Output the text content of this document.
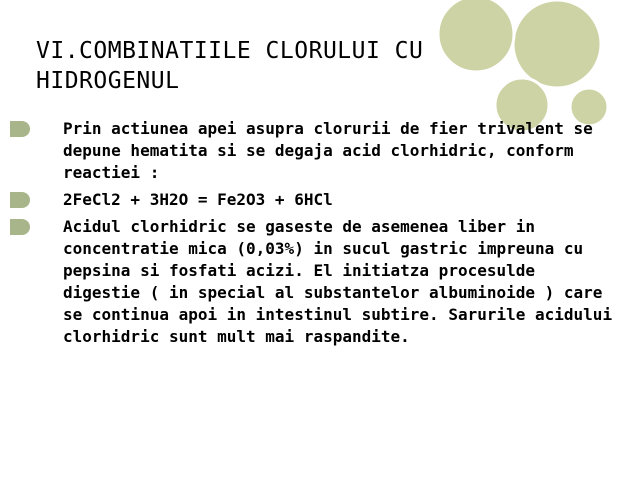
VI.COMBINATIILE CLORULUI CU HIDROGENUL
Prin actiunea apei asupra clorurii de fier trivalent se depune hematita si se degaja acid clorhidric, conform reactiei :
2FeCl2 + 3H2O = Fe2O3 + 6HCl
Acidul clorhidric se gaseste de asemenea liber in concentratie mica (0,03%) in sucul gastric impreuna cu pepsina si fosfati acizi. El initiatza procesulde digestie ( in special al substantelor albuminoide ) care se continua apoi in intestinul subtire. Sarurile acidului clorhidric sunt mult mai raspandite.
